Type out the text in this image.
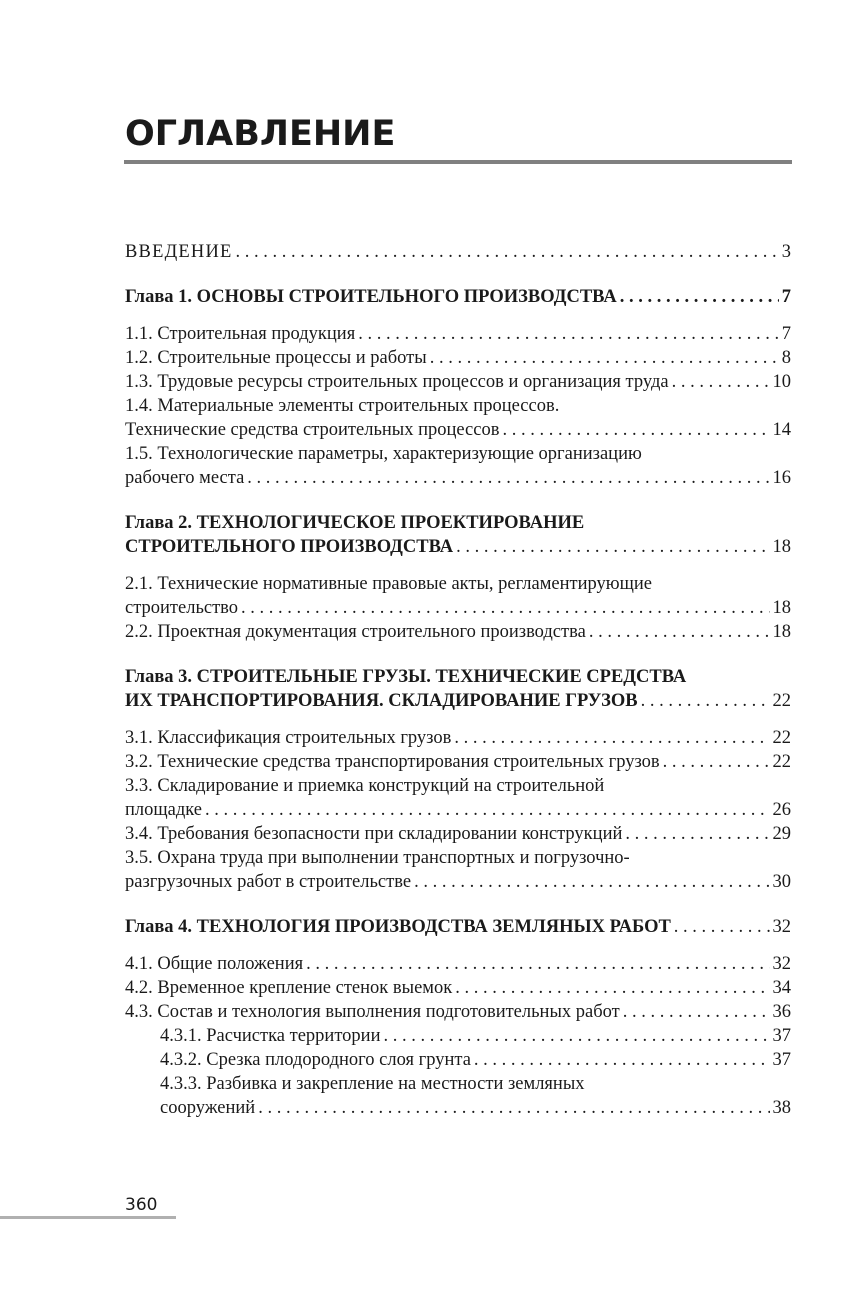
ОГЛАВЛЕНИЕ
ВВЕДЕНИЕ . . .	3
Глава 1. ОСНОВЫ СТРОИТЕЛЬНОГО ПРОИЗВОДСТВА . . .	7
1.1. Строительная продукция . . .	7
1.2. Строительные процессы и работы . . .	8
1.3. Трудовые ресурсы строительных процессов и организация труда . . .	10
1.4. Материальные элементы строительных процессов.
Технические средства строительных процессов . . .	14
1.5. Технологические параметры, характеризующие организацию
рабочего места . . .	16
Глава 2. ТЕХНОЛОГИЧЕСКОЕ ПРОЕКТИРОВАНИЕ
СТРОИТЕЛЬНОГО ПРОИЗВОДСТВА . . .	18
2.1. Технические нормативные правовые акты, регламентирующие
строительство . . .	18
2.2. Проектная документация строительного производства . . .	18
Глава 3. СТРОИТЕЛЬНЫЕ ГРУЗЫ. ТЕХНИЧЕСКИЕ СРЕДСТВА
ИХ ТРАНСПОРТИРОВАНИЯ. СКЛАДИРОВАНИЕ ГРУЗОВ . . .	22
3.1. Классификация строительных грузов . . .	22
3.2. Технические средства транспортирования строительных грузов . . .	22
3.3. Складирование и приемка конструкций на строительной
площадке . . .	26
3.4. Требования безопасности при складировании конструкций . . .	29
3.5. Охрана труда при выполнении транспортных и погрузочно-
разгрузочных работ в строительстве . . .	30
Глава 4. ТЕХНОЛОГИЯ ПРОИЗВОДСТВА ЗЕМЛЯНЫХ РАБОТ . . .	32
4.1. Общие положения . . .	32
4.2. Временное крепление стенок выемок . . .	34
4.3. Состав и технология выполнения подготовительных работ . . .	36
4.3.1. Расчистка территории . . .	37
4.3.2. Срезка плодородного слоя грунта . . .	37
4.3.3. Разбивка и закрепление на местности земляных
сооружений . . .	38
360
